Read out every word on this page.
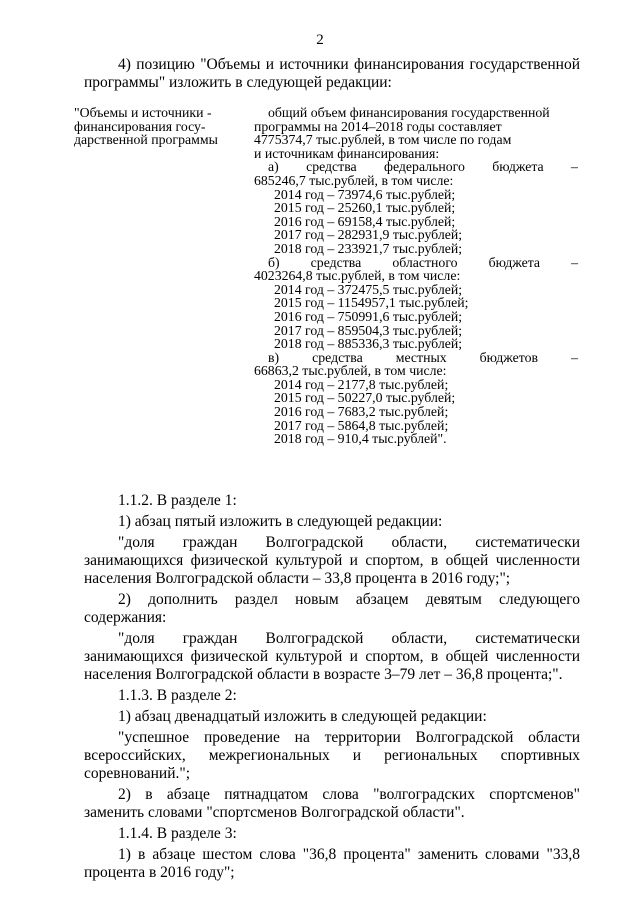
2

4) позицию "Объемы и источники финансирования государственной программы" изложить в следующей редакции:

"Объемы и источники -
финансирования госу-
дарственной программы
общий объем финансирования государственной
программы на 2014–2018 годы составляет
4775374,7 тыс.рублей, в том числе по годам
и источникам финансирования:
а) средства федерального бюджета –
685246,7 тыс.рублей, в том числе:
2014 год – 73974,6 тыс.рублей;
2015 год – 25260,1 тыс.рублей;
2016 год – 69158,4 тыс.рублей;
2017 год – 282931,9 тыс.рублей;
2018 год – 233921,7 тыс.рублей;
б) средства областного бюджета –
4023264,8 тыс.рублей, в том числе:
2014 год – 372475,5 тыс.рублей;
2015 год – 1154957,1 тыс.рублей;
2016 год – 750991,6 тыс.рублей;
2017 год – 859504,3 тыс.рублей;
2018 год – 885336,3 тыс.рублей;
в) средства местных бюджетов –
66863,2 тыс.рублей, в том числе:
2014 год – 2177,8 тыс.рублей;
2015 год – 50227,0 тыс.рублей;
2016 год – 7683,2 тыс.рублей;
2017 год – 5864,8 тыс.рублей;
2018 год – 910,4 тыс.рублей".

1.1.2. В разделе 1:

1) абзац пятый изложить в следующей редакции:

"доля граждан Волгоградской области, систематически занимающихся физической культурой и спортом, в общей численности населения Волгоградской области – 33,8 процента в 2016 году;";

2) дополнить раздел новым абзацем девятым следующего содержания:

"доля граждан Волгоградской области, систематически занимающихся физической культурой и спортом, в общей численности населения Волгоградской области в возрасте 3–79 лет – 36,8 процента;".

1.1.3. В разделе 2:

1) абзац двенадцатый изложить в следующей редакции:

"успешное проведение на территории Волгоградской области всероссийских, межрегиональных и региональных спортивных соревнований.";

2) в абзаце пятнадцатом слова "волгоградских спортсменов" заменить словами "спортсменов Волгоградской области".

1.1.4. В разделе 3:

1) в абзаце шестом слова "36,8 процента" заменить словами "33,8 процента в 2016 году";
